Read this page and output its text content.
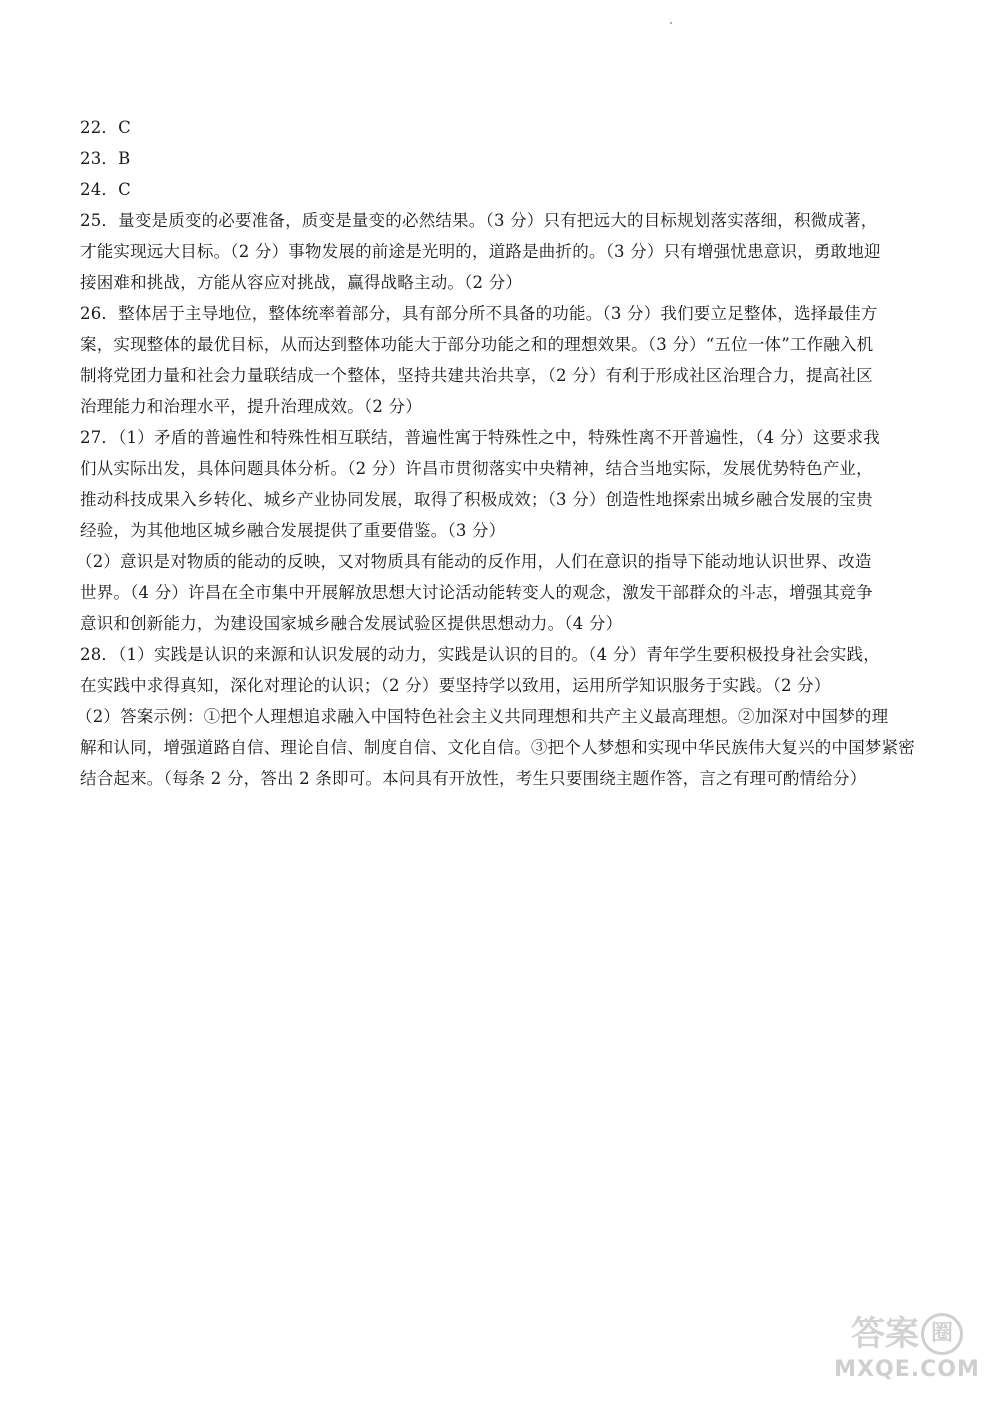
22．C
23．B
24．C
25．量变是质变的必要准备，质变是量变的必然结果。（3 分）只有把远大的目标规划落实落细，积微成著，
才能实现远大目标。（2 分）事物发展的前途是光明的，道路是曲折的。（3 分）只有增强忧患意识，勇敢地迎
接困难和挑战，方能从容应对挑战，赢得战略主动。（2 分）
26．整体居于主导地位，整体统率着部分，具有部分所不具备的功能。（3 分）我们要立足整体，选择最佳方
案，实现整体的最优目标，从而达到整体功能大于部分功能之和的理想效果。（3 分）“五位一体”工作融入机
制将党团力量和社会力量联结成一个整体，坚持共建共治共享，（2 分）有利于形成社区治理合力，提高社区
治理能力和治理水平，提升治理成效。（2 分）
27．（1）矛盾的普遍性和特殊性相互联结，普遍性寓于特殊性之中，特殊性离不开普遍性，（4 分）这要求我
们从实际出发，具体问题具体分析。（2 分）许昌市贯彻落实中央精神，结合当地实际，发展优势特色产业，
推动科技成果入乡转化、城乡产业协同发展，取得了积极成效；（3 分）创造性地探索出城乡融合发展的宝贵
经验，为其他地区城乡融合发展提供了重要借鉴。（3 分）
（2）意识是对物质的能动的反映，又对物质具有能动的反作用，人们在意识的指导下能动地认识世界、改造
世界。（4 分）许昌在全市集中开展解放思想大讨论活动能转变人的观念，激发干部群众的斗志，增强其竞争
意识和创新能力，为建设国家城乡融合发展试验区提供思想动力。（4 分）
28．（1）实践是认识的来源和认识发展的动力，实践是认识的目的。（4 分）青年学生要积极投身社会实践，
在实践中求得真知，深化对理论的认识；（2 分）要坚持学以致用，运用所学知识服务于实践。（2 分）
（2）答案示例：①把个人理想追求融入中国特色社会主义共同理想和共产主义最高理想。②加深对中国梦的理
解和认同，增强道路自信、理论自信、制度自信、文化自信。③把个人梦想和实现中华民族伟大复兴的中国梦紧密
结合起来。（每条 2 分，答出 2 条即可。本问具有开放性，考生只要围绕主题作答，言之有理可酌情给分）
答案 圈
MXQE.COM
